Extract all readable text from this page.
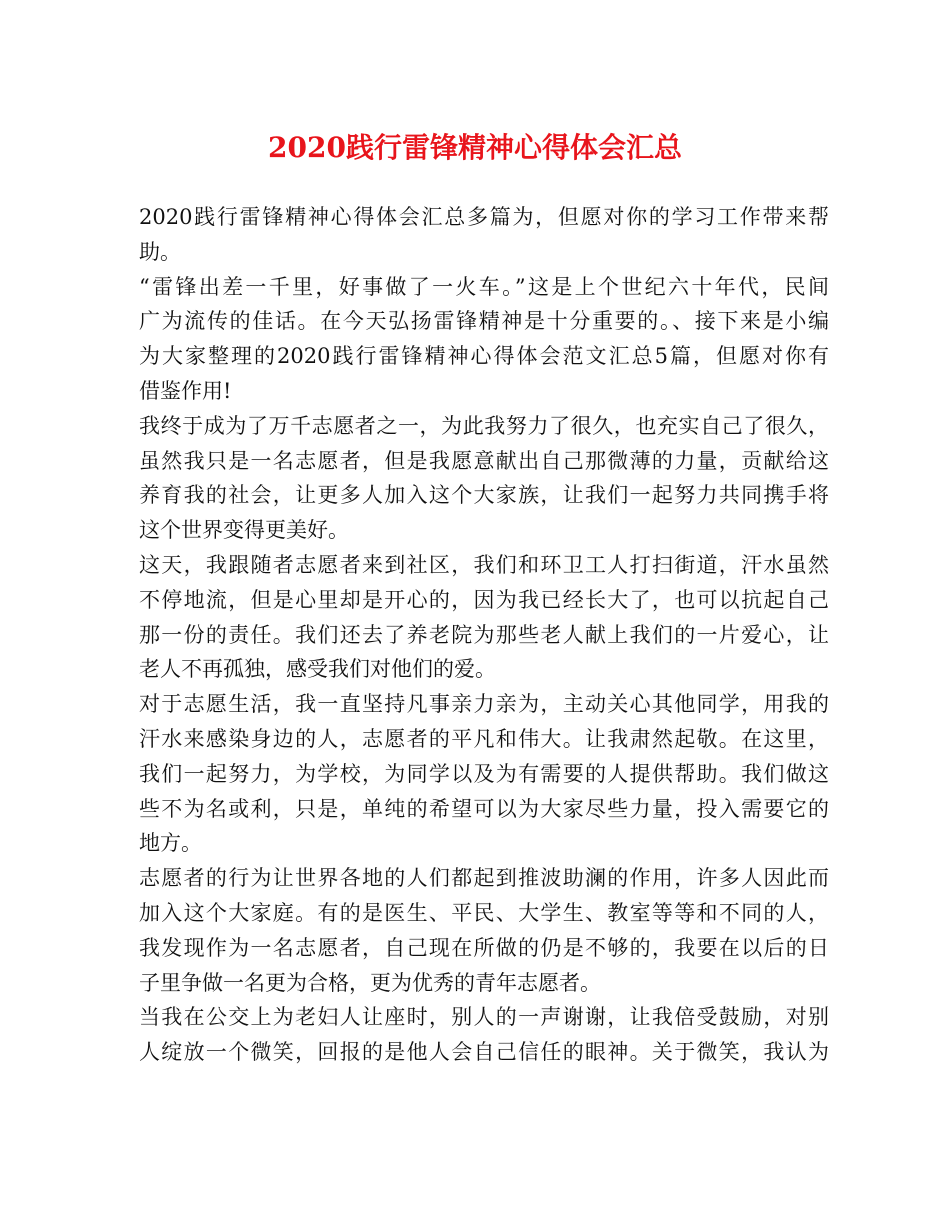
2020践行雷锋精神心得体会汇总
2020践行雷锋精神心得体会汇总多篇为，但愿对你的学习工作带来帮
助。
“雷锋出差一千里，好事做了一火车。”这是上个世纪六十年代，民间
广为流传的佳话。在今天弘扬雷锋精神是十分重要的。、接下来是小编
为大家整理的2020践行雷锋精神心得体会范文汇总5篇，但愿对你有
借鉴作用!
我终于成为了万千志愿者之一，为此我努力了很久，也充实自己了很久，
虽然我只是一名志愿者，但是我愿意献出自己那微薄的力量，贡献给这
养育我的社会，让更多人加入这个大家族，让我们一起努力共同携手将
这个世界变得更美好。
这天，我跟随者志愿者来到社区，我们和环卫工人打扫街道，汗水虽然
不停地流，但是心里却是开心的，因为我已经长大了，也可以抗起自己
那一份的责任。我们还去了养老院为那些老人献上我们的一片爱心，让
老人不再孤独，感受我们对他们的爱。
对于志愿生活，我一直坚持凡事亲力亲为，主动关心其他同学，用我的
汗水来感染身边的人，志愿者的平凡和伟大。让我肃然起敬。在这里，
我们一起努力，为学校，为同学以及为有需要的人提供帮助。我们做这
些不为名或利，只是，单纯的希望可以为大家尽些力量，投入需要它的
地方。
志愿者的行为让世界各地的人们都起到推波助澜的作用，许多人因此而
加入这个大家庭。有的是医生、平民、大学生、教室等等和不同的人，
我发现作为一名志愿者，自己现在所做的仍是不够的，我要在以后的日
子里争做一名更为合格，更为优秀的青年志愿者。
当我在公交上为老妇人让座时，别人的一声谢谢，让我倍受鼓励，对别
人绽放一个微笑，回报的是他人会自己信任的眼神。关于微笑，我认为
